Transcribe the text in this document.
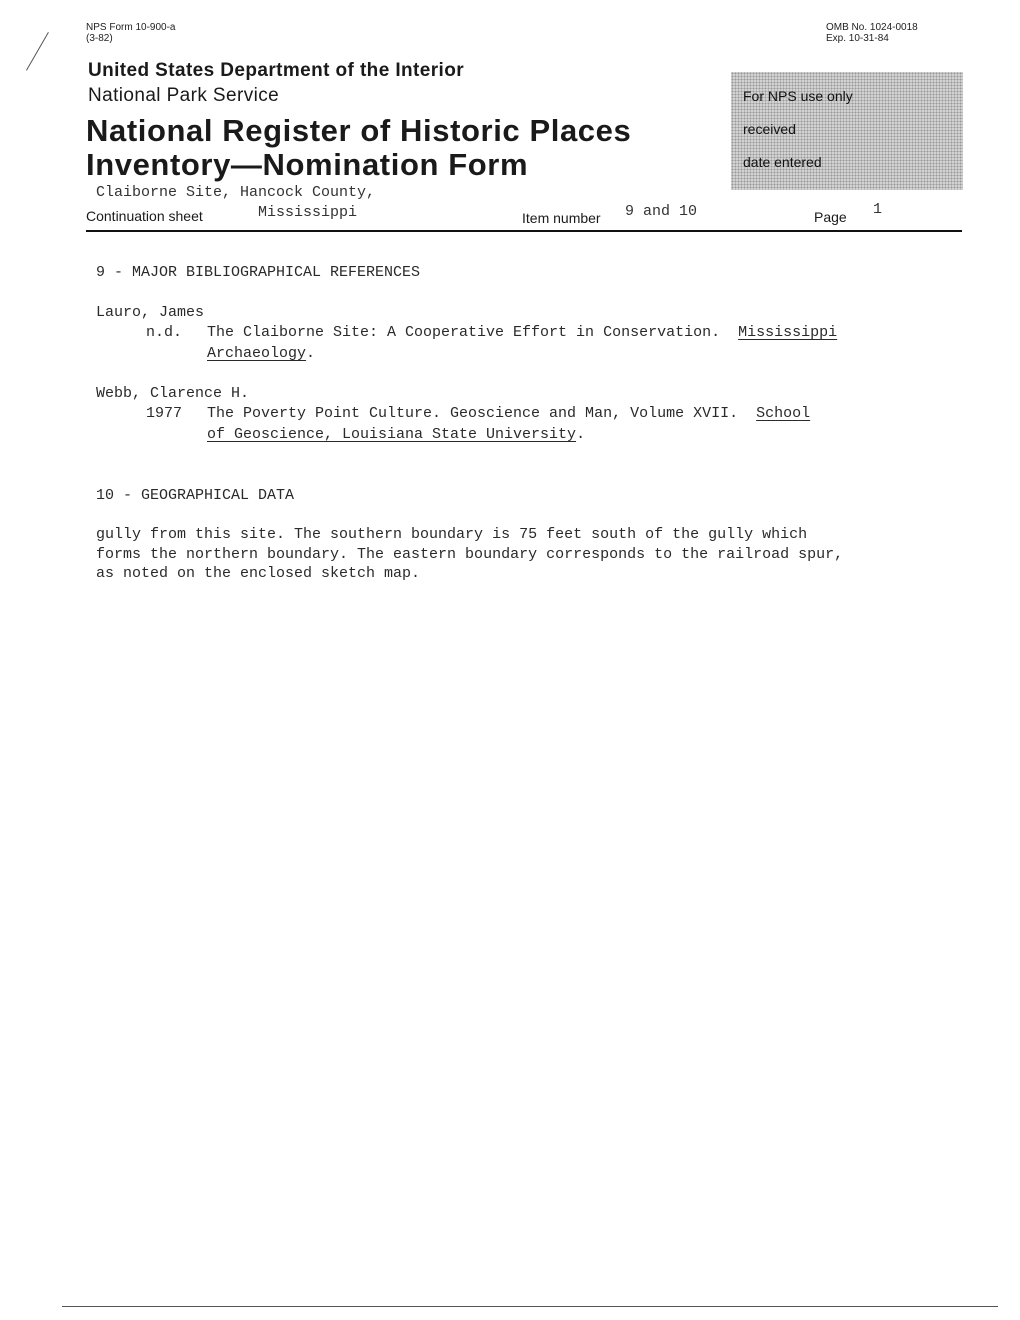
NPS Form 10-900-a
(3-82)
OMB No. 1024-0018
Exp. 10-31-84
United States Department of the Interior
National Park Service
National Register of Historic Places
Inventory—Nomination Form
For NPS use only
received
date entered
Claiborne Site, Hancock County,
Continuation sheet	Mississippi	Item number 9 and 10	Page 1
9 - MAJOR BIBLIOGRAPHICAL REFERENCES
Lauro, James
n.d. The Claiborne Site: A Cooperative Effort in Conservation. Mississippi
Archaeology.
Webb, Clarence H.
1977 The Poverty Point Culture. Geoscience and Man, Volume XVII. School
of Geoscience, Louisiana State University.
10 - GEOGRAPHICAL DATA
gully from this site. The southern boundary is 75 feet south of the gully which
forms the northern boundary. The eastern boundary corresponds to the railroad spur,
as noted on the enclosed sketch map.
